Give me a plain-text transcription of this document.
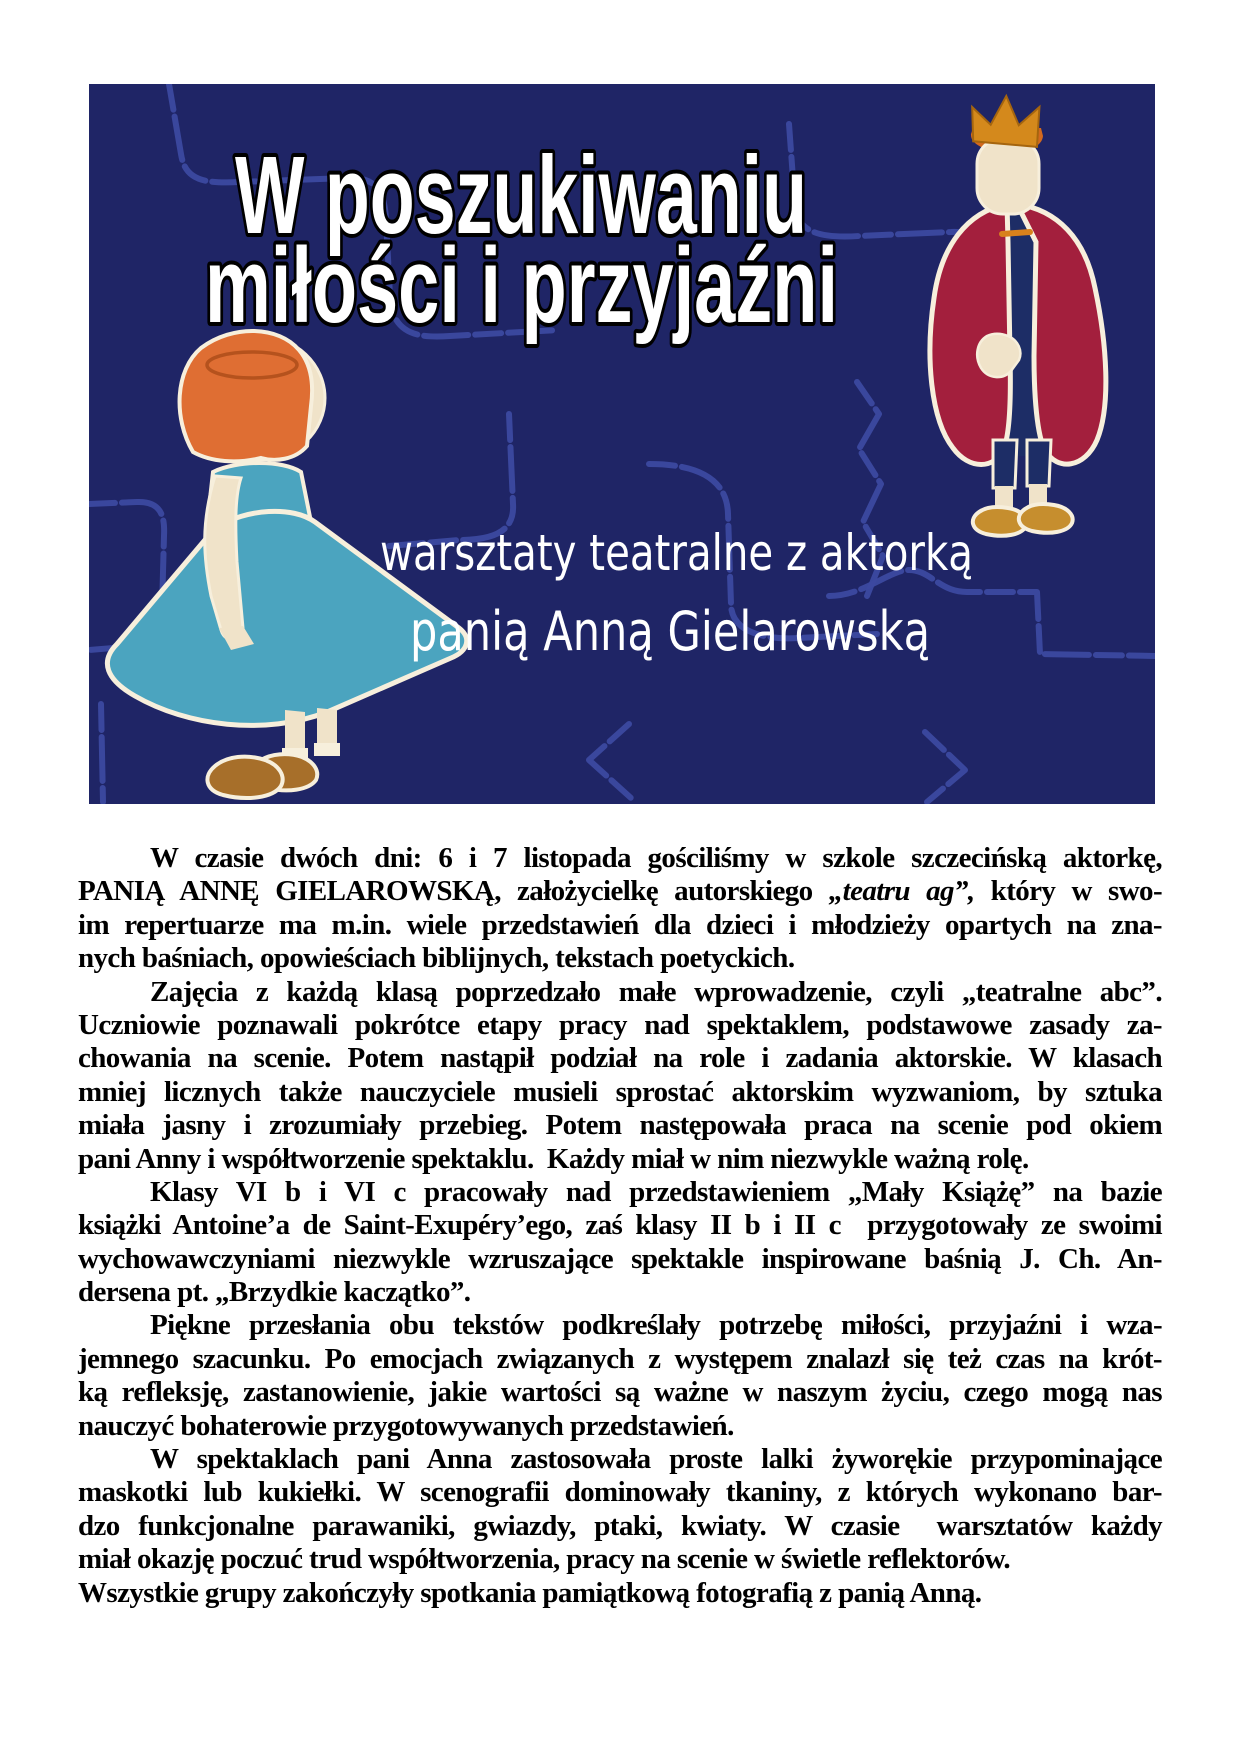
W poszukiwaniu
miłości i przyjaźni
warsztaty teatralne z aktorką
panią Anną Gielarowską
W czasie dwóch dni: 6 i 7 listopada gościliśmy w szkole szczecińską aktorkę,
PANIĄ ANNĘ GIELAROWSKĄ, założycielkę autorskiego „teatru ag”, który w swo-
im repertuarze ma m.in. wiele przedstawień dla dzieci i młodzieży opartych na zna-
nych baśniach, opowieściach biblijnych, tekstach poetyckich.
Zajęcia z każdą klasą poprzedzało małe wprowadzenie, czyli „teatralne abc”.
Uczniowie poznawali pokrótce etapy pracy nad spektaklem, podstawowe zasady za-
chowania na scenie. Potem nastąpił podział na role i zadania aktorskie. W klasach
mniej licznych także nauczyciele musieli sprostać aktorskim wyzwaniom, by sztuka
miała jasny i zrozumiały przebieg. Potem następowała praca na scenie pod okiem
pani Anny i współtworzenie spektaklu.  Każdy miał w nim niezwykle ważną rolę.
Klasy VI b i VI c pracowały nad przedstawieniem „Mały Książę” na bazie
książki Antoine’a de Saint-Exupéry’ego, zaś klasy II b i II c  przygotowały ze swoimi
wychowawczyniami niezwykle wzruszające spektakle inspirowane baśnią J. Ch. An-
dersena pt. „Brzydkie kaczątko”.
Piękne przesłania obu tekstów podkreślały potrzebę miłości, przyjaźni i wza-
jemnego szacunku. Po emocjach związanych z występem znalazł się też czas na krót-
ką refleksję, zastanowienie, jakie wartości są ważne w naszym życiu, czego mogą nas
nauczyć bohaterowie przygotowywanych przedstawień.
W spektaklach pani Anna zastosowała proste lalki żyworękie przypominające
maskotki lub kukiełki. W scenografii dominowały tkaniny, z których wykonano bar-
dzo funkcjonalne parawaniki, gwiazdy, ptaki, kwiaty. W czasie  warsztatów każdy
miał okazję poczuć trud współtworzenia, pracy na scenie w świetle reflektorów.
Wszystkie grupy zakończyły spotkania pamiątkową fotografią z panią Anną.
